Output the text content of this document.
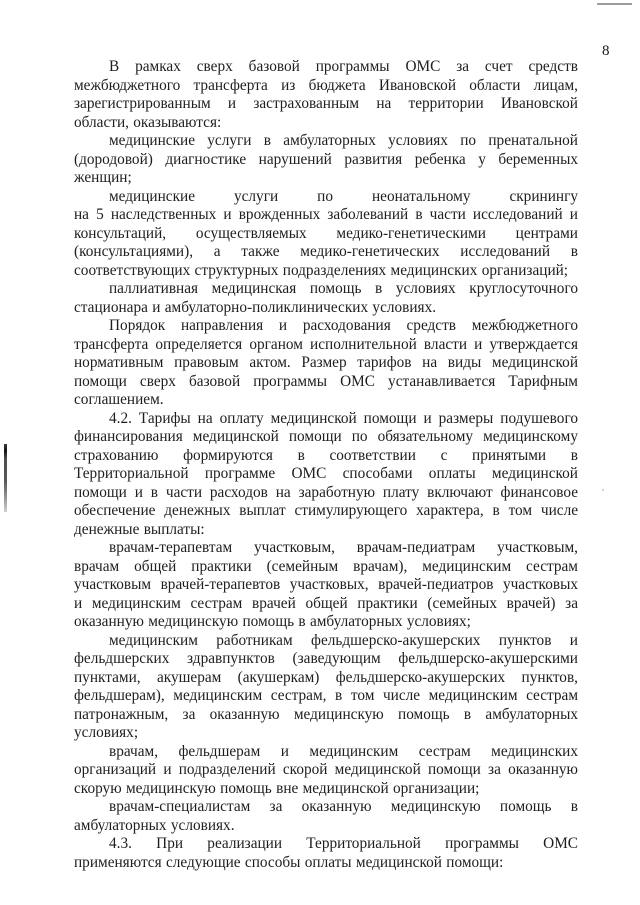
8
В рамках сверх базовой программы ОМС за счет средств
межбюджетного трансферта из бюджета Ивановской области лицам,
зарегистрированным и застрахованным на территории Ивановской
области, оказываются:
медицинские услуги в амбулаторных условиях по пренатальной
(дородовой) диагностике нарушений развития ребенка у беременных
женщин;
медицинские услуги по неонатальному скринингу
на 5 наследственных и врожденных заболеваний в части исследований и
консультаций, осуществляемых медико-генетическими центрами
(консультациями), а также медико-генетических исследований в
соответствующих структурных подразделениях медицинских организаций;
паллиативная медицинская помощь в условиях круглосуточного
стационара и амбулаторно-поликлинических условиях.
Порядок направления и расходования средств межбюджетного
трансферта определяется органом исполнительной власти и утверждается
нормативным правовым актом. Размер тарифов на виды медицинской
помощи сверх базовой программы ОМС устанавливается Тарифным
соглашением.
4.2. Тарифы на оплату медицинской помощи и размеры подушевого
финансирования медицинской помощи по обязательному медицинскому
страхованию формируются в соответствии с принятыми в
Территориальной программе ОМС способами оплаты медицинской
помощи и в части расходов на заработную плату включают финансовое
обеспечение денежных выплат стимулирующего характера, в том числе
денежные выплаты:
врачам-терапевтам участковым, врачам-педиатрам участковым,
врачам общей практики (семейным врачам), медицинским сестрам
участковым врачей-терапевтов участковых, врачей-педиатров участковых
и медицинским сестрам врачей общей практики (семейных врачей) за
оказанную медицинскую помощь в амбулаторных условиях;
медицинским работникам фельдшерско-акушерских пунктов и
фельдшерских здравпунктов (заведующим фельдшерско-акушерскими
пунктами, акушерам (акушеркам) фельдшерско-акушерских пунктов,
фельдшерам), медицинским сестрам, в том числе медицинским сестрам
патронажным, за оказанную медицинскую помощь в амбулаторных
условиях;
врачам, фельдшерам и медицинским сестрам медицинских
организаций и подразделений скорой медицинской помощи за оказанную
скорую медицинскую помощь вне медицинской организации;
врачам-специалистам за оказанную медицинскую помощь в
амбулаторных условиях.
4.3. При реализации Территориальной программы ОМС
применяются следующие способы оплаты медицинской помощи:
